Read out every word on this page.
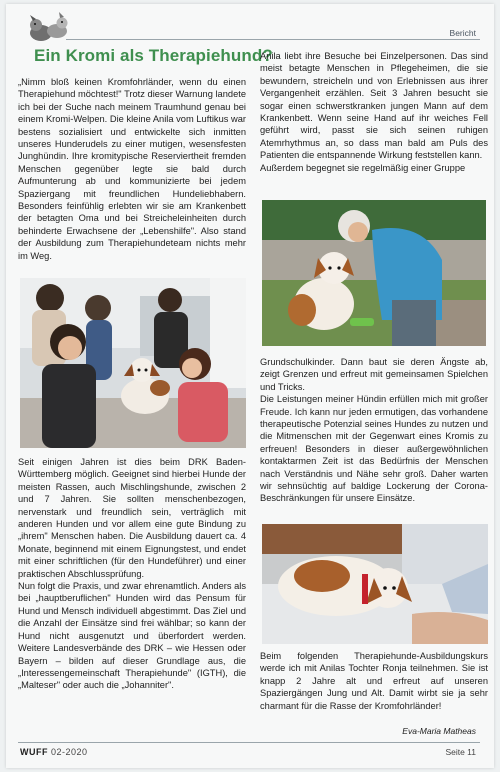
Bericht
Ein Kromi als Therapiehund?

„Nimm bloß keinen Kromfohrländer, wenn du einen Therapiehund möchtest!" Trotz dieser Warnung landete ich bei der Suche nach meinem Traumhund genau bei einem Kromi-Welpen. Die kleine Anila vom Luftikus war bestens sozialisiert und entwickelte sich inmitten unseres Hunderudels zu einer mutigen, wesensfesten Junghündin. Ihre kromitypische Reserviertheit fremden Menschen gegenüber legte sie bald durch Aufmunterung ab und kommunizierte bei jedem Spaziergang mit freundlichen Hundeliebhabern. Besonders feinfühlig erlebten wir sie am Krankenbett der betagten Oma und bei Streicheleinheiten durch behinderte Erwachsene der „Lebenshilfe". Also stand der Ausbildung zum Therapiehundeteam nichts mehr im Weg.

Anila liebt ihre Besuche bei Einzelpersonen. Das sind meist betagte Menschen in Pflegeheimen, die sie bewundern, streicheln und von Erlebnissen aus ihrer Vergangenheit erzählen. Seit 3 Jahren besucht sie sogar einen schwerstkranken jungen Mann auf dem Krankenbett. Wenn seine Hand auf ihr weiches Fell geführt wird, passt sie sich seinen ruhigen Atemrhythmus an, so dass man bald am Puls des Patienten die entspannende Wirkung feststellen kann.

Außerdem begegnet sie regelmäßig einer Gruppe

Seit einigen Jahren ist dies beim DRK Baden-Württemberg möglich. Geeignet sind hierbei Hunde der meisten Rassen, auch Mischlingshunde, zwischen 2 und 7 Jahren. Sie sollten menschenbezogen, nervenstark und freundlich sein, verträglich mit anderen Hunden und vor allem eine gute Bindung zu „ihrem" Menschen haben. Die Ausbildung dauert ca. 4 Monate, beginnend mit einem Eignungstest, und endet mit einer schriftlichen (für den Hundeführer) und einer praktischen Abschlussprüfung.

Nun folgt die Praxis, und zwar ehrenamtlich. Anders als bei „hauptberuflichen" Hunden wird das Pensum für Hund und Mensch individuell abgestimmt. Das Ziel und die Anzahl der Einsätze sind frei wählbar; so kann der Hund nicht ausgenutzt und überfordert werden. Weitere Landesverbände des DRK – wie Hessen oder Bayern – bilden auf dieser Grundlage aus, die „Interessengemeinschaft Therapiehunde" (IGTH), die „Malteser" oder auch die „Johanniter".

Grundschulkinder. Dann baut sie deren Ängste ab, zeigt Grenzen und erfreut mit gemeinsamen Spielchen und Tricks.

Die Leistungen meiner Hündin erfüllen mich mit großer Freude. Ich kann nur jeden ermutigen, das vorhandene therapeutische Potenzial seines Hundes zu nutzen und die Mitmenschen mit der Gegenwart eines Kromis zu erfreuen! Besonders in dieser außergewöhnlichen kontaktarmen Zeit ist das Bedürfnis der Menschen nach Verständnis und Nähe sehr groß. Daher warten wir sehnsüchtig auf baldige Lockerung der Corona-Beschränkungen für unsere Einsätze.

Beim folgenden Therapiehunde-Ausbildungskurs werde ich mit Anilas Tochter Ronja teilnehmen. Sie ist knapp 2 Jahre alt und erfreut auf unseren Spaziergängen Jung und Alt. Damit wirbt sie ja sehr charmant für die Rasse der Kromfohrländer!

Eva-Maria Matheas
WUFF 02-2020	Seite 11
